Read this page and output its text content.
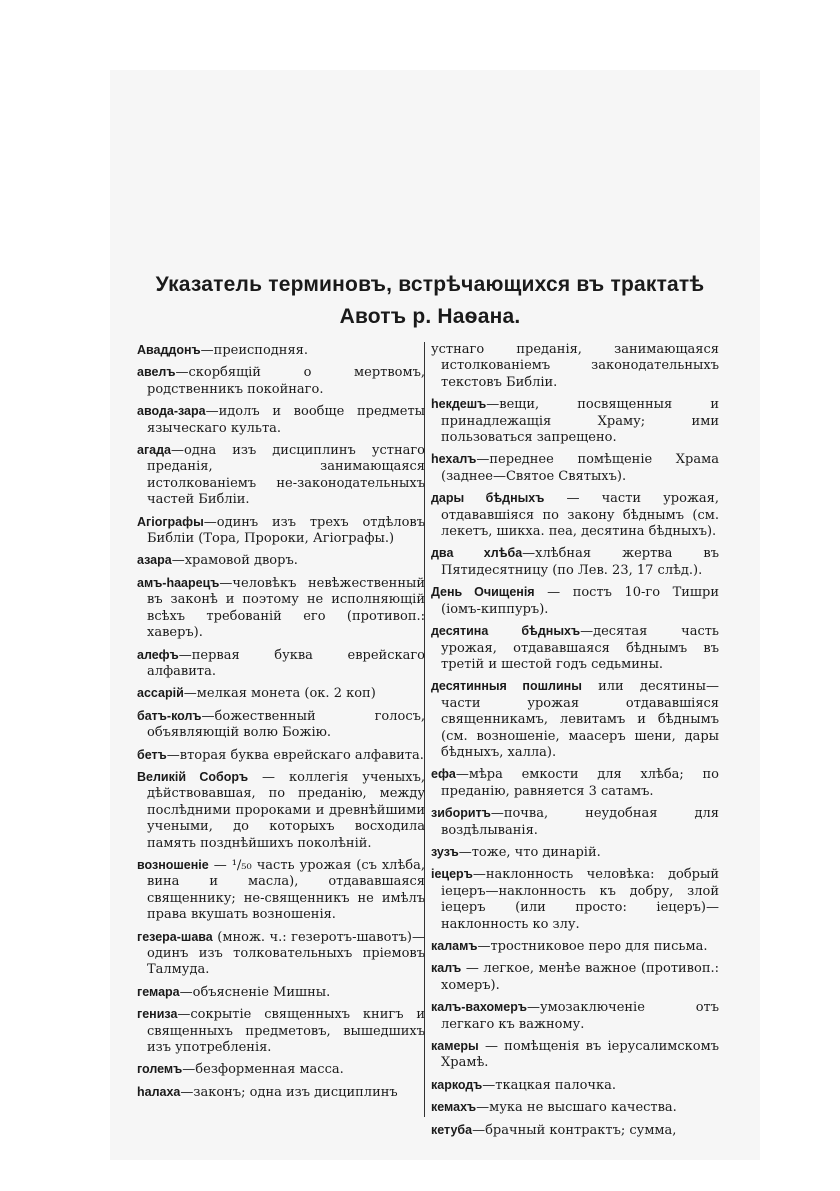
Указатель терминовъ, встрѣчающихся въ трактатѣ
Авотъ р. Наѳана.
Аваддонъ—преисподняя.
авелъ—скорбящій о мертвомъ, родственникъ покойнаго.
авода-зара—идолъ и вообще предметы языческаго культа.
агада—одна изъ дисциплинъ устнаго преданія, занимающаяся истолкованіемъ не-законодательныхъ частей Библіи.
Агіографы—одинъ изъ трехъ отдѣловъ Библіи (Тора, Пророки, Агіографы.)
азара—храмовой дворъ.
амъ-haарецъ—человѣкъ невѣжественный въ законѣ и поэтому не исполняющій всѣхъ требованій его (противоп.: хаверъ).
алефъ—первая буква еврейскаго алфавита.
ассарій—мелкая монета (ок. 2 коп)
батъ-колъ—божественный голосъ, объявляющій волю Божію.
бетъ—вторая буква еврейскаго алфавита.
Великій Соборъ — коллегія ученыхъ, дѣйствовавшая, по преданію, между послѣдними пророками и древнѣйшими учеными, до которыхъ восходила память позднѣйшихъ поколѣній.
возношеніе — ¹/₅₀ часть урожая (съ хлѣба, вина и масла), отдававшаяся священнику; не-священникъ не имѣлъ права вкушать возношенія.
гезера-шава (множ. ч.: гезеротъ-шавотъ)—одинъ изъ толковательныхъ пріемовъ Талмуда.
гемара—объясненіе Мишны.
гениза—сокрытіе священныхъ книгъ и священныхъ предметовъ, вышедшихъ изъ употребленія.
големъ—безформенная масса.
hалаха—законъ; одна изъ дисциплинъ
устнаго преданія, занимающаяся истолкованіемъ законодательныхъ текстовъ Библіи.
hекдешъ—вещи, посвященныя и принадлежащія Храму; ими пользоваться запрещено.
hехалъ—переднее помѣщеніе Храма (заднее—Святое Святыхъ).
дары бѣдныхъ — части урожая, отдававшіяся по закону бѣднымъ (см. лекетъ, шикха. пеа, десятина бѣдныхъ).
два хлѣба—хлѣбная жертва въ Пятидесятницу (по Лев. 23, 17 слѣд.).
День Очищенія — постъ 10-го Тишри (іомъ-киппуръ).
десятина бѣдныхъ—десятая часть урожая, отдававшаяся бѣднымъ въ третій и шестой годъ седьмины.
десятинныя пошлины или десятины—части урожая отдававшіяся священникамъ, левитамъ и бѣднымъ (см. возношеніе, маасеръ шени, дары бѣдныхъ, халла).
ефа—мѣра емкости для хлѣба; по преданію, равняется 3 сатамъ.
зиборитъ—почва, неудобная для воздѣлыванія.
зузъ—тоже, что динарій.
іецеръ—наклонность человѣка: добрый іецеръ—наклонность къ добру, злой іецеръ (или просто: іецеръ)—наклонность ко злу.
каламъ—тростниковое перо для письма.
калъ — легкое, менѣе важное (противоп.: хомеръ).
калъ-вахомеръ—умозаключеніе отъ легкаго къ важному.
камеры — помѣщенія въ іерусалимскомъ Храмѣ.
каркодъ—ткацкая палочка.
кемахъ—мука не высшаго качества.
кетуба—брачный контрактъ; сумма,
